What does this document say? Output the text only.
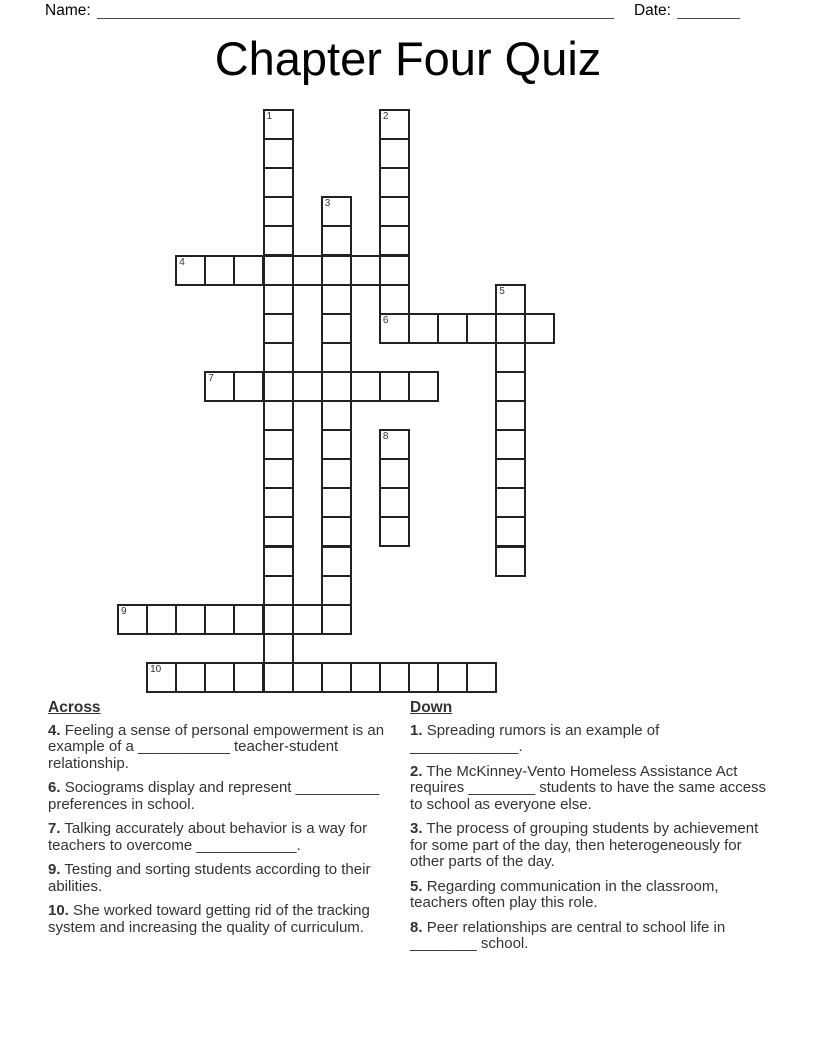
Name:	Date:
Chapter Four Quiz
1	2
6
3
4
5
7
8
9
10
Across
4. Feeling a sense of personal empowerment is an example of a ___________ teacher-student relationship.
6. Sociograms display and represent __________ preferences in school.
7. Talking accurately about behavior is a way for teachers to overcome ____________.
9. Testing and sorting students according to their abilities.
10. She worked toward getting rid of the tracking system and increasing the quality of curriculum.
Down
1. Spreading rumors is an example of _____________.
2. The McKinney-Vento Homeless Assistance Act requires ________ students to have the same access to school as everyone else.
3. The process of grouping students by achievement for some part of the day, then heterogeneously for other parts of the day.
5. Regarding communication in the classroom, teachers often play this role.
8. Peer relationships are central to school life in ________ school.
